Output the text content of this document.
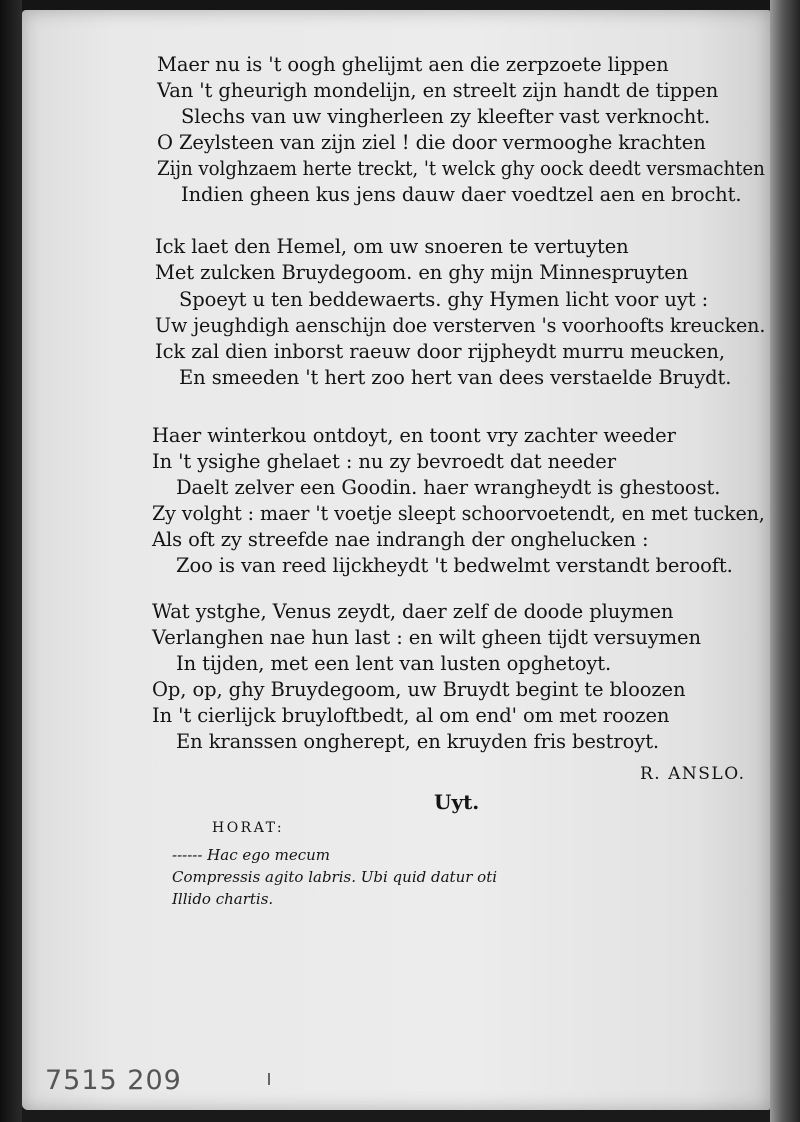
Maer nu is 't oogh ghelijmt aen die zerpzoete lippen
Van 't gheurigh mondelijn, en streelt zijn handt de tippen
Slechs van uw vingherleen zy kleefter vast verknocht.
O Zeylsteen van zijn ziel ! die door vermooghe krachten
Zijn volghzaem herte treckt, 't welck ghy oock deedt versmachten
Indien gheen kus jens dauw daer voedtzel aen en brocht.
Ick laet den Hemel, om uw snoeren te vertuyten
Met zulcken Bruydegoom. en ghy mijn Minnespruyten
Spoeyt u ten beddewaerts. ghy Hymen licht voor uyt :
Uw jeughdigh aenschijn doe versterven 's voorhoofts kreucken.
Ick zal dien inborst raeuw door rijpheydt murru meucken,
En smeeden 't hert zoo hert van dees verstaelde Bruydt.
Haer winterkou ontdoyt, en toont vry zachter weeder
In 't ysighe ghelaet : nu zy bevroedt dat needer
Daelt zelver een Goodin. haer wrangheydt is ghestoost.
Zy volght : maer 't voetje sleept schoorvoetendt, en met tucken,
Als oft zy streefde nae indrangh der onghelucken :
Zoo is van reed lijckheydt 't bedwelmt verstandt berooft.
Wat ystghe, Venus zeydt, daer zelf de doode pluymen
Verlanghen nae hun last : en wilt gheen tijdt versuymen
In tijden, met een lent van lusten opghetoyt.
Op, op, ghy Bruydegoom, uw Bruydt begint te bloozen
In 't cierlijck bruyloftbedt, al om end' om met roozen
En kranssen ongherept, en kruyden fris bestroyt.
R. ANSLO.
Uyt.
HORAT:
------ Hac ego mecum
Compressis agito labris. Ubi quid datur oti
Illido chartis.
7515 209
